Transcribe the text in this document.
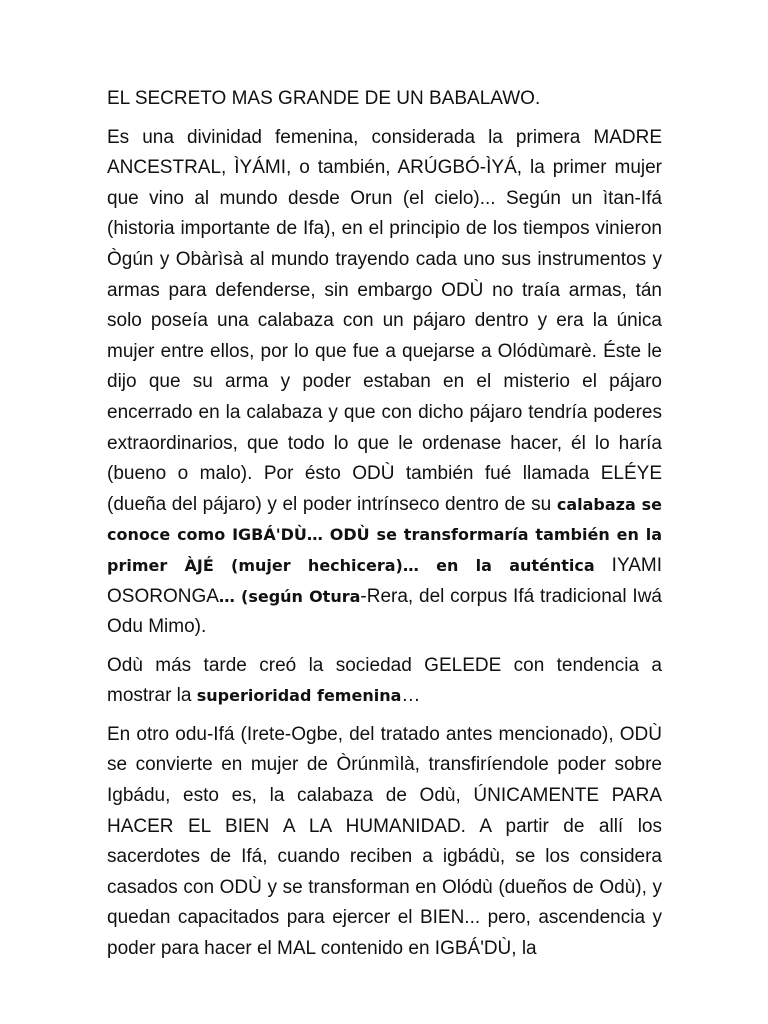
EL SECRETO MAS GRANDE DE UN BABALAWO.

Es una divinidad femenina, considerada la primera MADRE ANCESTRAL, ÌYÁMI, o también, ARÚGBÓ-ÌYÁ, la primer mujer que vino al mundo desde Orun (el cielo)... Según un ìtan-Ifá (historia importante de Ifa), en el principio de los tiempos vinieron Ògún y Obàrìsà al mundo trayendo cada uno sus instrumentos y armas para defenderse, sin embargo ODÙ no traía armas, tán solo poseía una calabaza con un pájaro dentro y era la única mujer entre ellos, por lo que fue a quejarse a Olódùmarè. Éste le dijo que su arma y poder estaban en el misterio el pájaro encerrado en la calabaza y que con dicho pájaro tendría poderes extraordinarios, que todo lo que le ordenase hacer, él lo haría (bueno o malo). Por ésto ODÙ también fué llamada ELÉYE (dueña del pájaro) y el poder intrínseco dentro de su calabaza se conoce como IGBÁ'DÙ… ODÙ se transformaría también en la primer ÀJÉ (mujer hechicera)… en la auténtica IYAMI OSORONGA… (según Otura-Rera, del corpus Ifá tradicional Iwá Odu Mimo).

Odù más tarde creó la sociedad GELEDE con tendencia a mostrar la superioridad femenina…

En otro odu-Ifá (Irete-Ogbe, del tratado antes mencionado), ODÙ se convierte en mujer de Òrúnmìlà, transfiríendole poder sobre Igbádu, esto es, la calabaza de Odù, ÚNICAMENTE PARA HACER EL BIEN A LA HUMANIDAD. A partir de allí los sacerdotes de Ifá, cuando reciben a igbádù, se los considera casados con ODÙ y se transforman en Olódù (dueños de Odù), y quedan capacitados para ejercer el BIEN... pero, ascendencia y poder para hacer el MAL contenido en IGBÁ'DÙ, la
